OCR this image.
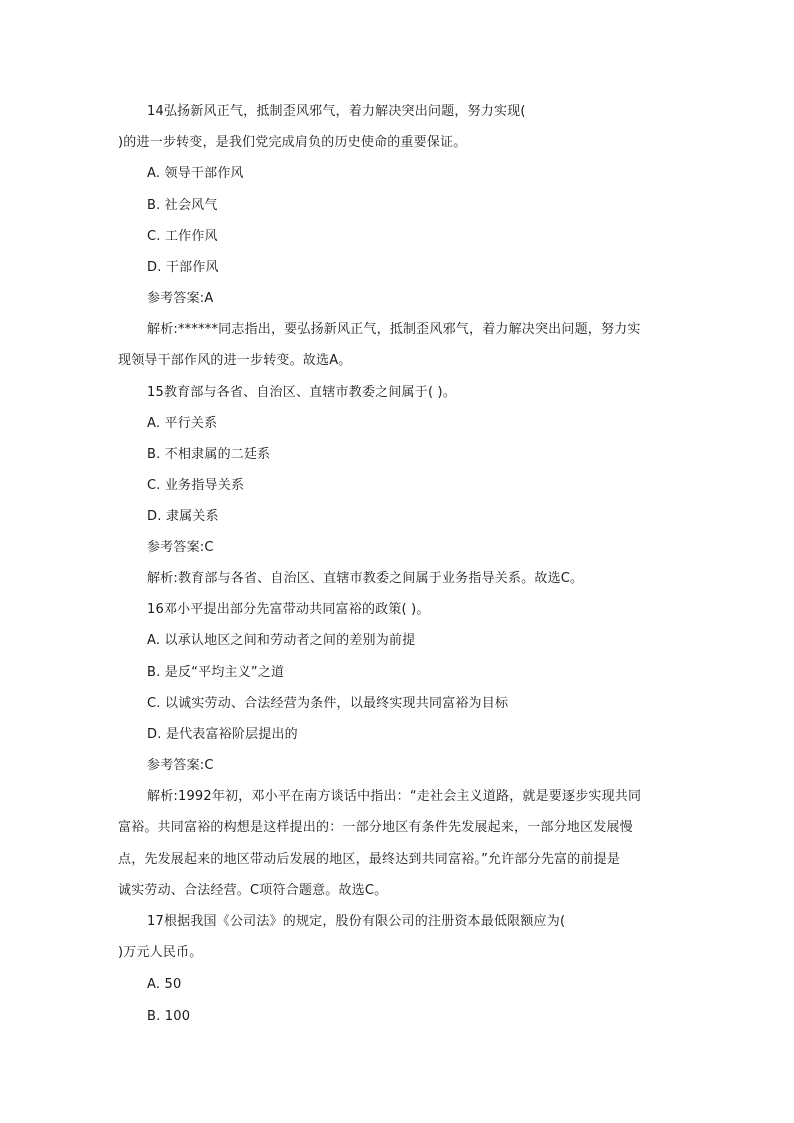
14弘扬新风正气，抵制歪风邪气，着力解决突出问题，努力实现(
)的进一步转变，是我们党完成肩负的历史使命的重要保证。
A. 领导干部作风
B. 社会风气
C. 工作作风
D. 干部作风
参考答案:A
解析:******同志指出，要弘扬新风正气，抵制歪风邪气，着力解决突出问题，努力实
现领导干部作风的进一步转变。故选A。
15教育部与各省、自治区、直辖市教委之间属于( )。
A. 平行关系
B. 不相隶属的二廷系
C. 业务指导关系
D. 隶属关系
参考答案:C
解析:教育部与各省、自治区、直辖市教委之间属于业务指导关系。故选C。
16邓小平提出部分先富带动共同富裕的政策( )。
A. 以承认地区之间和劳动者之间的差别为前提
B. 是反“平均主义”之道
C. 以诚实劳动、合法经营为条件，以最终实现共同富裕为目标
D. 是代表富裕阶层提出的
参考答案:C
解析:1992年初，邓小平在南方谈话中指出：“走社会主义道路，就是要逐步实现共同
富裕。共同富裕的构想是这样提出的：一部分地区有条件先发展起来，一部分地区发展慢
点，先发展起来的地区带动后发展的地区，最终达到共同富裕。”允许部分先富的前提是
诚实劳动、合法经营。C项符合题意。故选C。
17根据我国《公司法》的规定，股份有限公司的注册资本最低限额应为(
)万元人民币。
A. 50
B. 100
